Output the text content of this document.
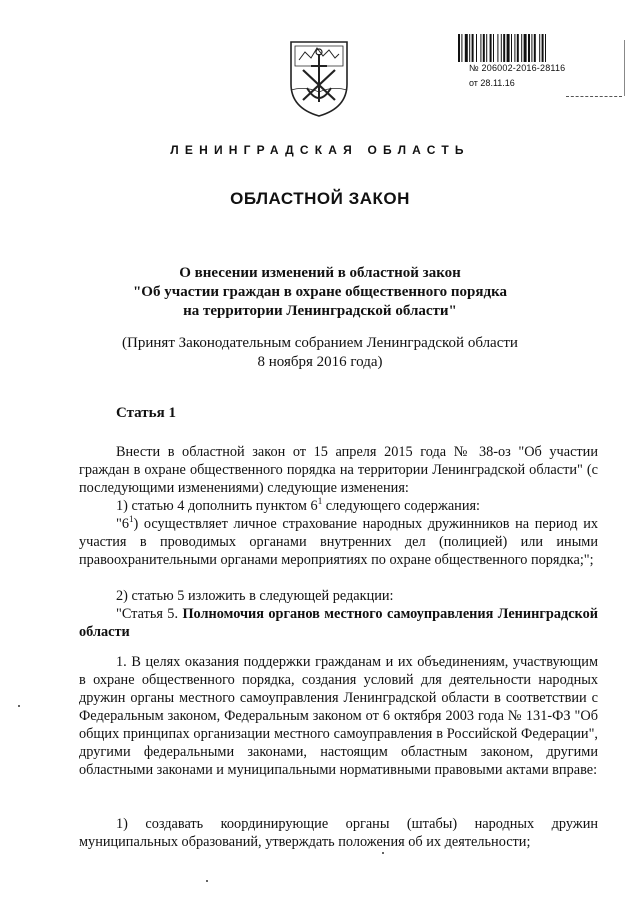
№ 206002-2016-28116
от 28.11.16
ЛЕНИНГРАДСКАЯ ОБЛАСТЬ
ОБЛАСТНОЙ ЗАКОН
О внесении изменений в областной закон
"Об участии граждан в охране общественного порядка
на территории Ленинградской области"
(Принят Законодательным собранием Ленинградской области
8 ноября 2016 года)
Статья 1

Внести в областной закон от 15 апреля 2015 года № 38-оз "Об участии граждан в охране общественного порядка на территории Ленинградской области" (с последующими изменениями) следующие изменения:

1) статью 4 дополнить пунктом $6^1$ следующего содержания:

"$6^1$) осуществляет личное страхование народных дружинников на период их участия в проводимых органами внутренних дел (полицией) или иными правоохранительными органами мероприятиях по охране общественного порядка;";

2) статью 5 изложить в следующей редакции:

"Статья 5. Полномочия органов местного самоуправления Ленинградской области

1. В целях оказания поддержки гражданам и их объединениям, участвующим в охране общественного порядка, создания условий для деятельности народных дружин органы местного самоуправления Ленинградской области в соответствии с Федеральным законом, Федеральным законом от 6 октября 2003 года № 131-ФЗ "Об общих принципах организации местного самоуправления в Российской Федерации", другими федеральными законами, настоящим областным законом, другими областными законами и муниципальными нормативными правовыми актами вправе:

1) создавать координирующие органы (штабы) народных дружин муниципальных образований, утверждать положения об их деятельности;
